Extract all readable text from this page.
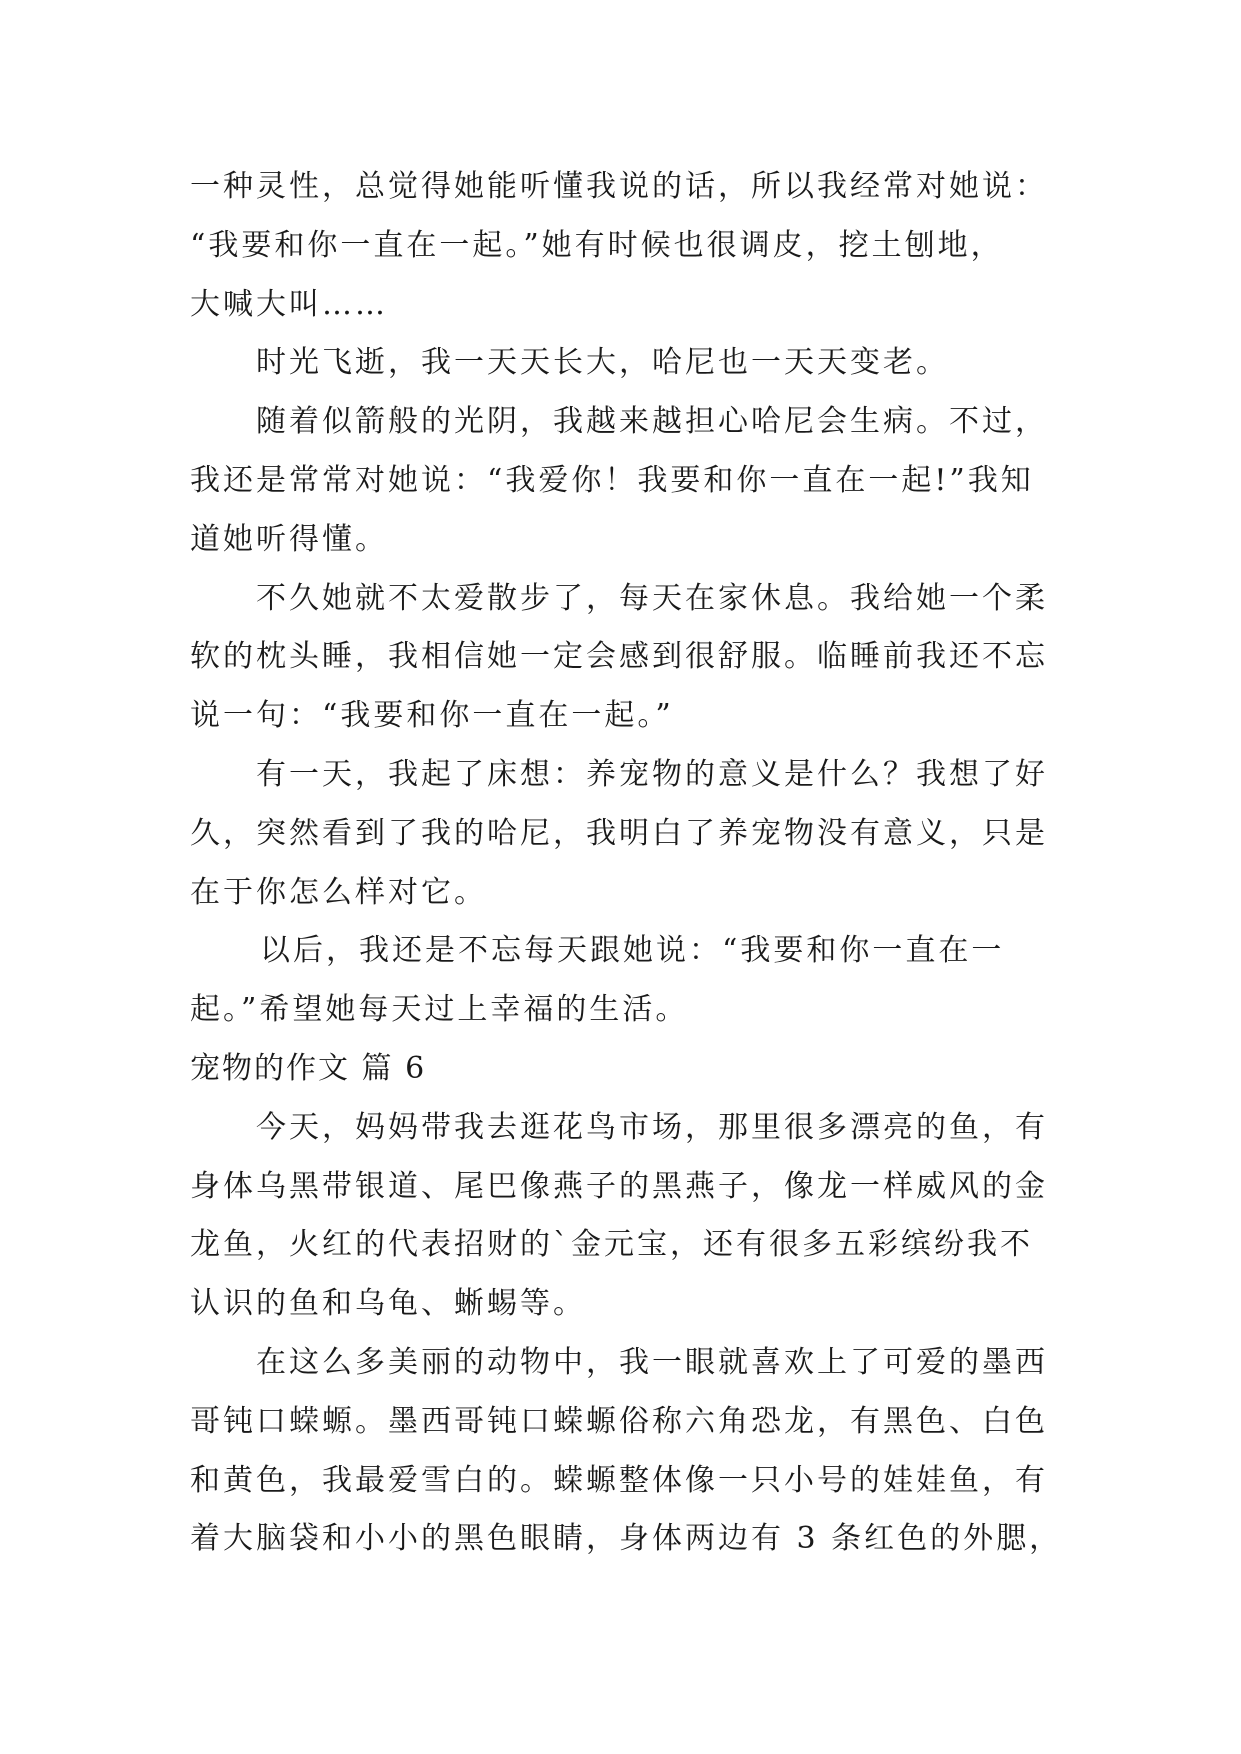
一种灵性，总觉得她能听懂我说的话，所以我经常对她说：
“我要和你一直在一起。”她有时候也很调皮，挖土刨地，
大喊大叫……
时光飞逝，我一天天长大，哈尼也一天天变老。
随着似箭般的光阴，我越来越担心哈尼会生病。不过，
我还是常常对她说：“我爱你！我要和你一直在一起!”我知
道她听得懂。
不久她就不太爱散步了，每天在家休息。我给她一个柔
软的枕头睡，我相信她一定会感到很舒服。临睡前我还不忘
说一句：“我要和你一直在一起。”
有一天，我起了床想：养宠物的意义是什么？我想了好
久，突然看到了我的哈尼，我明白了养宠物没有意义，只是
在于你怎么样对它。
以后，我还是不忘每天跟她说：“我要和你一直在一
起。”希望她每天过上幸福的生活。
宠物的作文 篇 6
今天，妈妈带我去逛花鸟市场，那里很多漂亮的鱼，有
身体乌黑带银道、尾巴像燕子的黑燕子，像龙一样威风的金
龙鱼，火红的代表招财的`金元宝，还有很多五彩缤纷我不
认识的鱼和乌龟、蜥蜴等。
在这么多美丽的动物中，我一眼就喜欢上了可爱的墨西
哥钝口蝾螈。墨西哥钝口蝾螈俗称六角恐龙，有黑色、白色
和黄色，我最爱雪白的。蝾螈整体像一只小号的娃娃鱼，有
着大脑袋和小小的黑色眼睛，身体两边有 3 条红色的外腮，
